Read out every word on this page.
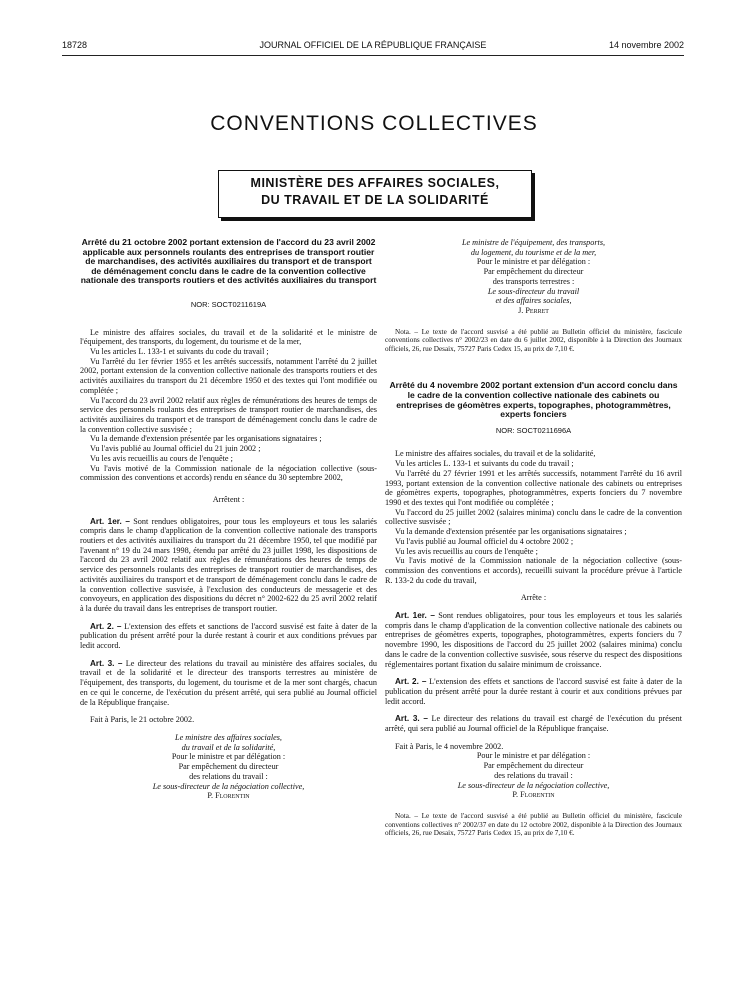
18728	JOURNAL OFFICIEL DE LA RÉPUBLIQUE FRANÇAISE	14 novembre 2002
CONVENTIONS COLLECTIVES
MINISTÈRE DES AFFAIRES SOCIALES,
DU TRAVAIL ET DE LA SOLIDARITÉ
Arrêté du 21 octobre 2002 portant extension de l'accord du 23 avril 2002 applicable aux personnels roulants des entreprises de transport routier de marchandises, des activités auxiliaires du transport et de transport de déménagement conclu dans le cadre de la convention collective nationale des transports routiers et des activités auxiliaires du transport
NOR: SOCT0211619A

Le ministre des affaires sociales, du travail et de la solidarité et le ministre de l'équipement, des transports, du logement, du tourisme et de la mer,

Vu les articles L. 133-1 et suivants du code du travail ;

Vu l'arrêté du 1er février 1955 et les arrêtés successifs, notamment l'arrêté du 2 juillet 2002, portant extension de la convention collective nationale des transports routiers et des activités auxiliaires du transport du 21 décembre 1950 et des textes qui l'ont modifiée ou complétée ;

Vu l'accord du 23 avril 2002 relatif aux règles de rémunérations des heures de temps de service des personnels roulants des entreprises de transport routier de marchandises, des activités auxiliaires du transport et de transport de déménagement conclu dans le cadre de la convention collective susvisée ;

Vu la demande d'extension présentée par les organisations signataires ;

Vu l'avis publié au Journal officiel du 21 juin 2002 ;

Vu les avis recueillis au cours de l'enquête ;

Vu l'avis motivé de la Commission nationale de la négociation collective (sous-commission des conventions et accords) rendu en séance du 30 septembre 2002,

Arrêtent :

Art. 1er. – Sont rendues obligatoires, pour tous les employeurs et tous les salariés compris dans le champ d'application de la convention collective nationale des transports routiers et des activités auxiliaires du transport du 21 décembre 1950, tel que modifié par l'avenant n° 19 du 24 mars 1998, étendu par arrêté du 23 juillet 1998, les dispositions de l'accord du 23 avril 2002 relatif aux règles de rémunérations des heures de temps de service des personnels roulants des entreprises de transport routier de marchandises, des activités auxiliaires du transport et de transport de déménagement conclu dans le cadre de la convention collective susvisée, à l'exclusion des conducteurs de messagerie et des convoyeurs, en application des dispositions du décret n° 2002-622 du 25 avril 2002 relatif à la durée du travail dans les entreprises de transport routier.

Art. 2. – L'extension des effets et sanctions de l'accord susvisé est faite à dater de la publication du présent arrêté pour la durée restant à courir et aux conditions prévues par ledit accord.

Art. 3. – Le directeur des relations du travail au ministère des affaires sociales, du travail et de la solidarité et le directeur des transports terrestres au ministère de l'équipement, des transports, du logement, du tourisme et de la mer sont chargés, chacun en ce qui le concerne, de l'exécution du présent arrêté, qui sera publié au Journal officiel de la République française.

Fait à Paris, le 21 octobre 2002.

Le ministre des affaires sociales,

du travail et de la solidarité,

Pour le ministre et par délégation :

Par empêchement du directeur

des relations du travail :

Le sous-directeur de la négociation collective,

P. Florentin

Le ministre de l'équipement, des transports,

du logement, du tourisme et de la mer,

Pour le ministre et par délégation :

Par empêchement du directeur

des transports terrestres :

Le sous-directeur du travail

et des affaires sociales,

J. Perret

Nota. – Le texte de l'accord susvisé a été publié au Bulletin officiel du ministère, fascicule conventions collectives n° 2002/23 en date du 6 juillet 2002, disponible à la Direction des Journaux officiels, 26, rue Desaix, 75727 Paris Cedex 15, au prix de 7,10 €.

Arrêté du 4 novembre 2002 portant extension d'un accord conclu dans le cadre de la convention collective nationale des cabinets ou entreprises de géomètres experts, topographes, photogrammètres, experts fonciers
NOR: SOCT0211696A

Le ministre des affaires sociales, du travail et de la solidarité,

Vu les articles L. 133-1 et suivants du code du travail ;

Vu l'arrêté du 27 février 1991 et les arrêtés successifs, notamment l'arrêté du 16 avril 1993, portant extension de la convention collective nationale des cabinets ou entreprises de géomètres experts, topographes, photogrammètres, experts fonciers du 7 novembre 1990 et des textes qui l'ont modifiée ou complétée ;

Vu l'accord du 25 juillet 2002 (salaires minima) conclu dans le cadre de la convention collective susvisée ;

Vu la demande d'extension présentée par les organisations signataires ;

Vu l'avis publié au Journal officiel du 4 octobre 2002 ;

Vu les avis recueillis au cours de l'enquête ;

Vu l'avis motivé de la Commission nationale de la négociation collective (sous-commission des conventions et accords), recueilli suivant la procédure prévue à l'article R. 133-2 du code du travail,

Arrête :

Art. 1er. – Sont rendues obligatoires, pour tous les employeurs et tous les salariés compris dans le champ d'application de la convention collective nationale des cabinets ou entreprises de géomètres experts, topographes, photogrammètres, experts fonciers du 7 novembre 1990, les dispositions de l'accord du 25 juillet 2002 (salaires minima) conclu dans le cadre de la convention collective susvisée, sous réserve du respect des dispositions réglementaires portant fixation du salaire minimum de croissance.

Art. 2. – L'extension des effets et sanctions de l'accord susvisé est faite à dater de la publication du présent arrêté pour la durée restant à courir et aux conditions prévues par ledit accord.

Art. 3. – Le directeur des relations du travail est chargé de l'exécution du présent arrêté, qui sera publié au Journal officiel de la République française.

Fait à Paris, le 4 novembre 2002.

Pour le ministre et par délégation :

Par empêchement du directeur

des relations du travail :

Le sous-directeur de la négociation collective,

P. Florentin

Nota. – Le texte de l'accord susvisé a été publié au Bulletin officiel du ministère, fascicule conventions collectives n° 2002/37 en date du 12 octobre 2002, disponible à la Direction des Journaux officiels, 26, rue Desaix, 75727 Paris Cedex 15, au prix de 7,10 €.
